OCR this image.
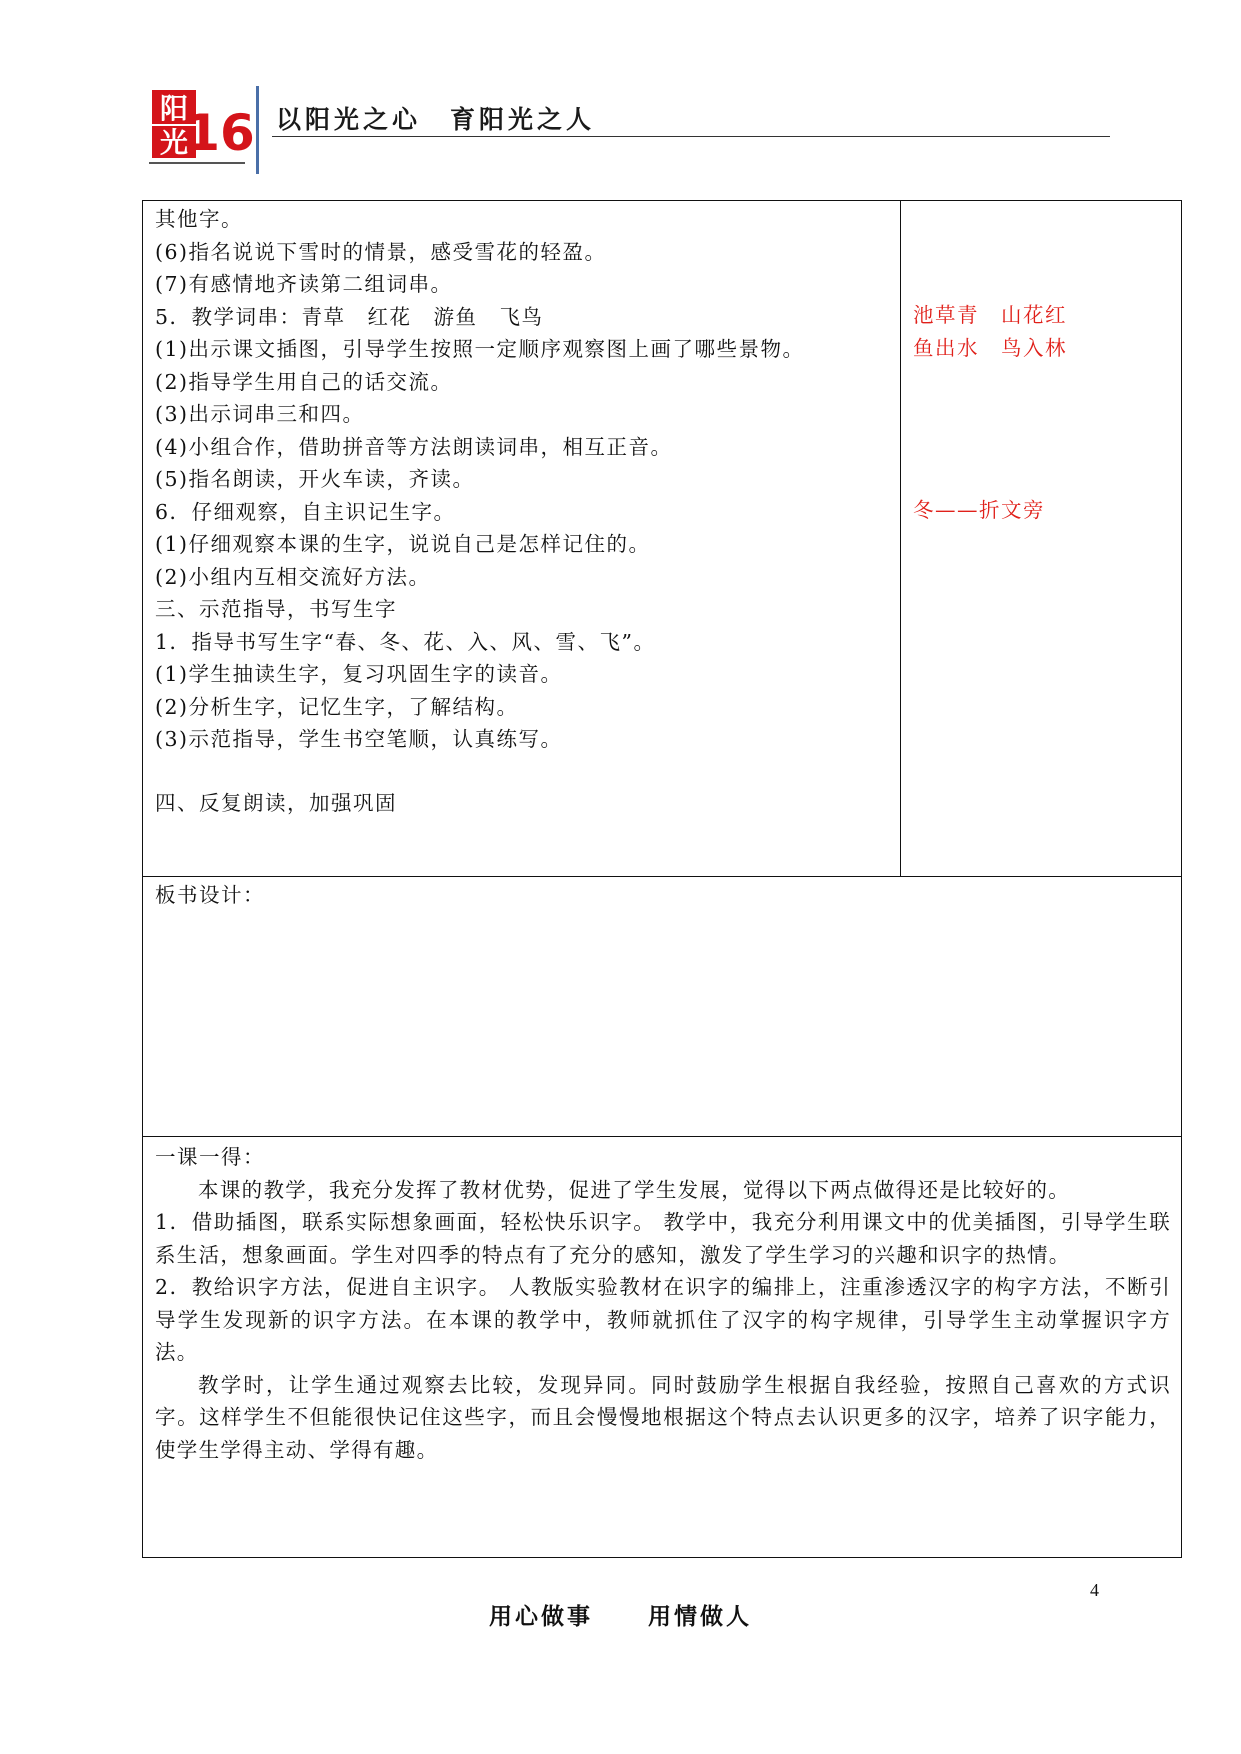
阳
光
16 以阳光之心　育阳光之人
其他字。
(6)指名说说下雪时的情景，感受雪花的轻盈。
(7)有感情地齐读第二组词串。
5．教学词串：青草　红花　游鱼　飞鸟
(1)出示课文插图，引导学生按照一定顺序观察图上画了哪些景物。
(2)指导学生用自己的话交流。
(3)出示词串三和四。
(4)小组合作，借助拼音等方法朗读词串，相互正音。
(5)指名朗读，开火车读，齐读。
6．仔细观察，自主识记生字。
(1)仔细观察本课的生字，说说自己是怎样记住的。
(2)小组内互相交流好方法。
三、示范指导，书写生字
1．指导书写生字“春、冬、花、入、风、雪、飞”。
(1)学生抽读生字，复习巩固生字的读音。
(2)分析生字，记忆生字，了解结构。
(3)示范指导，学生书空笔顺，认真练写。
四、反复朗读，加强巩固
池草青　山花红
鱼出水　鸟入林
冬——折文旁
板书设计：
一课一得：
本课的教学，我充分发挥了教材优势，促进了学生发展，觉得以下两点做得还是比较好的。
1．借助插图，联系实际想象画面，轻松快乐识字。 教学中，我充分利用课文中的优美插图，引导学生联系生活，想象画面。学生对四季的特点有了充分的感知，激发了学生学习的兴趣和识字的热情。
2．教给识字方法，促进自主识字。 人教版实验教材在识字的编排上，注重渗透汉字的构字方法，不断引导学生发现新的识字方法。在本课的教学中，教师就抓住了汉字的构字规律，引导学生主动掌握识字方法。
教学时，让学生通过观察去比较，发现异同。同时鼓励学生根据自我经验，按照自己喜欢的方式识字。这样学生不但能很快记住这些字，而且会慢慢地根据这个特点去认识更多的汉字，培养了识字能力，使学生学得主动、学得有趣。
4
用心做事 用情做人
